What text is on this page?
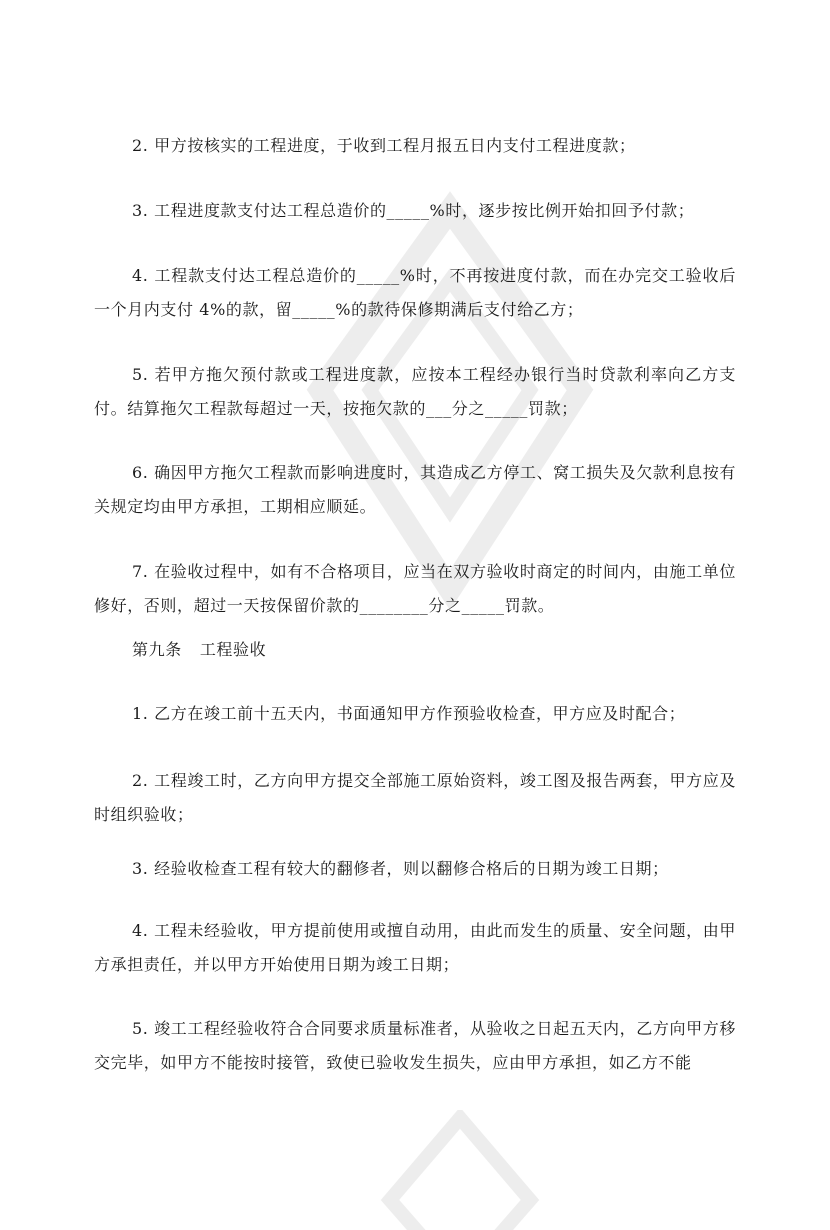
2. 甲方按核实的工程进度，于收到工程月报五日内支付工程进度款；

3. 工程进度款支付达工程总造价的_____%时，逐步按比例开始扣回予付款；

4. 工程款支付达工程总造价的_____%时，不再按进度付款，而在办完交工验收后一个月内支付 4%的款，留_____%的款待保修期满后支付给乙方；

5. 若甲方拖欠预付款或工程进度款，应按本工程经办银行当时贷款利率向乙方支付。结算拖欠工程款每超过一天，按拖欠款的___分之_____罚款；

6. 确因甲方拖欠工程款而影响进度时，其造成乙方停工、窝工损失及欠款利息按有关规定均由甲方承担，工期相应顺延。

7. 在验收过程中，如有不合格项目，应当在双方验收时商定的时间内，由施工单位修好，否则，超过一天按保留价款的________分之_____罚款。

第九条 工程验收

1. 乙方在竣工前十五天内，书面通知甲方作预验收检查，甲方应及时配合；

2. 工程竣工时，乙方向甲方提交全部施工原始资料，竣工图及报告两套，甲方应及时组织验收；

3. 经验收检查工程有较大的翻修者，则以翻修合格后的日期为竣工日期；

4. 工程未经验收，甲方提前使用或擅自动用，由此而发生的质量、安全问题，由甲方承担责任，并以甲方开始使用日期为竣工日期；

5. 竣工工程经验收符合合同要求质量标准者，从验收之日起五天内，乙方向甲方移交完毕，如甲方不能按时接管，致使已验收发生损失，应由甲方承担，如乙方不能
